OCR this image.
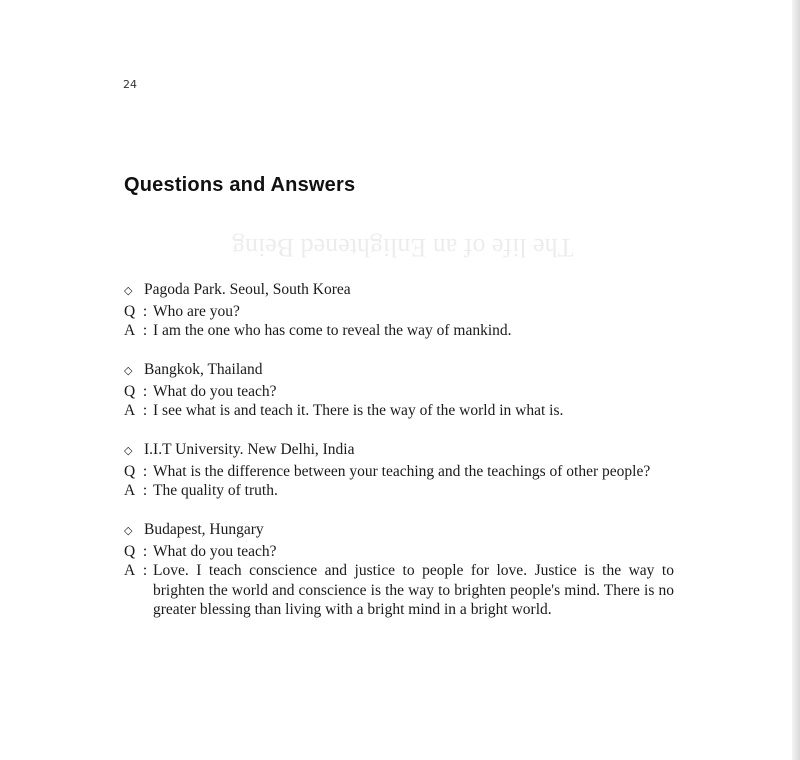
24
Questions and Answers
The life of an Enlightened Being
◇ Pagoda Park. Seoul, South Korea
Q : Who are you?
A : I am the one who has come to reveal the way of mankind.
◇ Bangkok, Thailand
Q : What do you teach?
A : I see what is and teach it. There is the way of the world in what is.
◇ I.I.T University. New Delhi, India
Q : What is the difference between your teaching and the teachings of other people?
A : The quality of truth.
◇ Budapest, Hungary
Q : What do you teach?
A : Love. I teach conscience and justice to people for love. Justice is the way to brighten the world and conscience is the way to brighten people's mind. There is no greater blessing than living with a bright mind in a bright world.
